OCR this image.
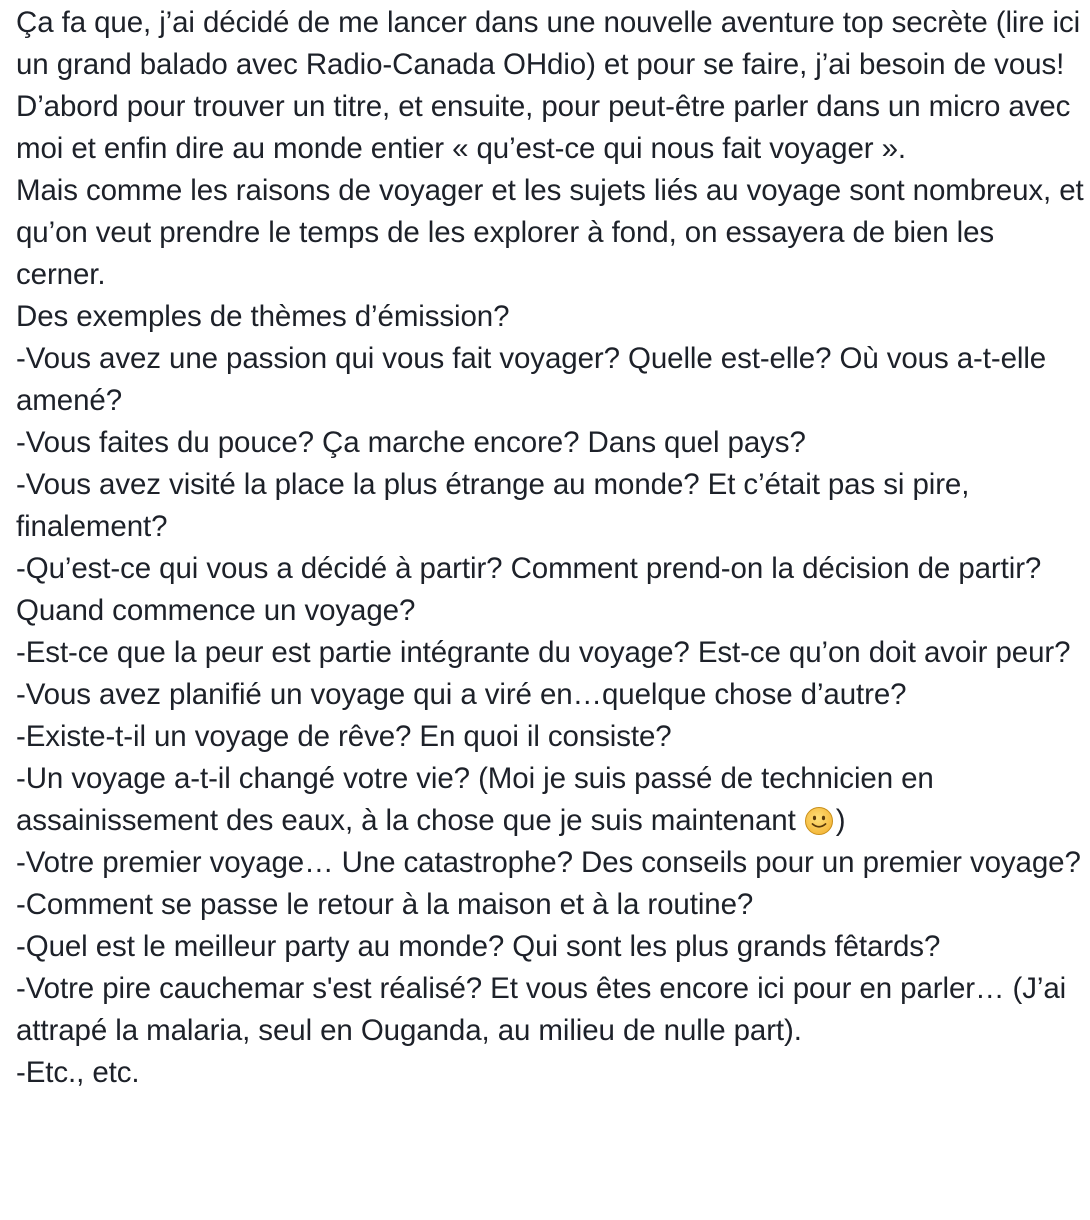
Ça fa que, j’ai décidé de me lancer dans une nouvelle aventure top secrète (lire ici un grand balado avec Radio-Canada OHdio) et pour se faire, j’ai besoin de vous! D’abord pour trouver un titre, et ensuite, pour peut-être parler dans un micro avec moi et enfin dire au monde entier « qu’est-ce qui nous fait voyager ».

Mais comme les raisons de voyager et les sujets liés au voyage sont nombreux, et qu’on veut prendre le temps de les explorer à fond, on essayera de bien les cerner.

Des exemples de thèmes d’émission?

-Vous avez une passion qui vous fait voyager? Quelle est-elle? Où vous a-t-elle amené?

-Vous faites du pouce? Ça marche encore? Dans quel pays?

-Vous avez visité la place la plus étrange au monde? Et c’était pas si pire, finalement?

-Qu’est-ce qui vous a décidé à partir? Comment prend-on la décision de partir? Quand commence un voyage?

-Est-ce que la peur est partie intégrante du voyage? Est-ce qu’on doit avoir peur?

-Vous avez planifié un voyage qui a viré en…quelque chose d’autre?

-Existe-t-il un voyage de rêve? En quoi il consiste?

-Un voyage a-t-il changé votre vie? (Moi je suis passé de technicien en assainissement des eaux, à la chose que je suis maintenant )

-Votre premier voyage… Une catastrophe? Des conseils pour un premier voyage?

-Comment se passe le retour à la maison et à la routine?

-Quel est le meilleur party au monde? Qui sont les plus grands fêtards?

-Votre pire cauchemar s'est réalisé? Et vous êtes encore ici pour en parler… (J’ai attrapé la malaria, seul en Ouganda, au milieu de nulle part).

-Etc., etc.
